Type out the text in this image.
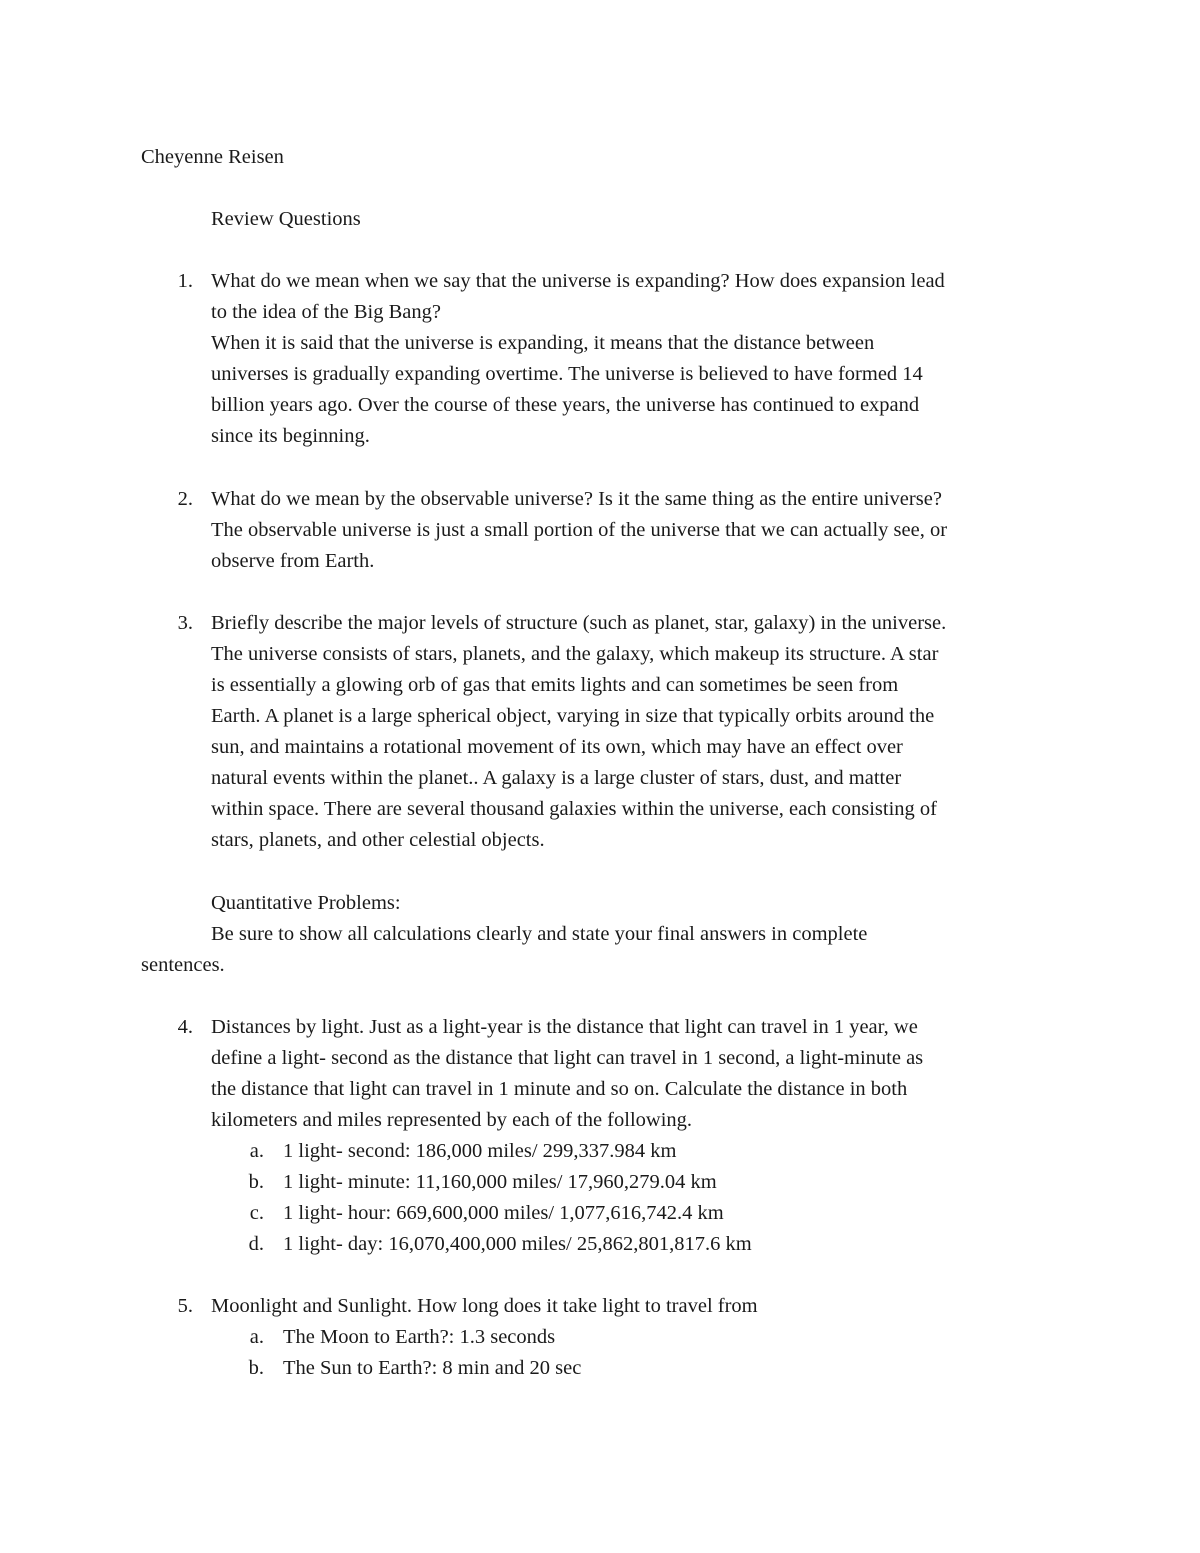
Cheyenne Reisen
Review Questions
1. What do we mean when we say that the universe is expanding? How does expansion lead
to the idea of the Big Bang?
When it is said that the universe is expanding, it means that the distance between
universes is gradually expanding overtime. The universe is believed to have formed 14
billion years ago. Over the course of these years, the universe has continued to expand
since its beginning.
2. What do we mean by the observable universe? Is it the same thing as the entire universe?
The observable universe is just a small portion of the universe that we can actually see, or
observe from Earth.
3. Briefly describe the major levels of structure (such as planet, star, galaxy) in the universe.
The universe consists of stars, planets, and the galaxy, which makeup its structure. A star
is essentially a glowing orb of gas that emits lights and can sometimes be seen from
Earth. A planet is a large spherical object, varying in size that typically orbits around the
sun, and maintains a rotational movement of its own, which may have an effect over
natural events within the planet.. A galaxy is a large cluster of stars, dust, and matter
within space. There are several thousand galaxies within the universe, each consisting of
stars, planets, and other celestial objects.
Quantitative Problems:
Be sure to show all calculations clearly and state your final answers in complete
sentences.
4. Distances by light. Just as a light-year is the distance that light can travel in 1 year, we
define a light- second as the distance that light can travel in 1 second, a light-minute as
the distance that light can travel in 1 minute and so on. Calculate the distance in both
kilometers and miles represented by each of the following.
a. 1 light- second: 186,000 miles/ 299,337.984 km
b. 1 light- minute: 11,160,000 miles/ 17,960,279.04 km
c. 1 light- hour: 669,600,000 miles/ 1,077,616,742.4 km
d. 1 light- day: 16,070,400,000 miles/ 25,862,801,817.6 km
5. Moonlight and Sunlight. How long does it take light to travel from
a. The Moon to Earth?: 1.3 seconds
b. The Sun to Earth?: 8 min and 20 sec
